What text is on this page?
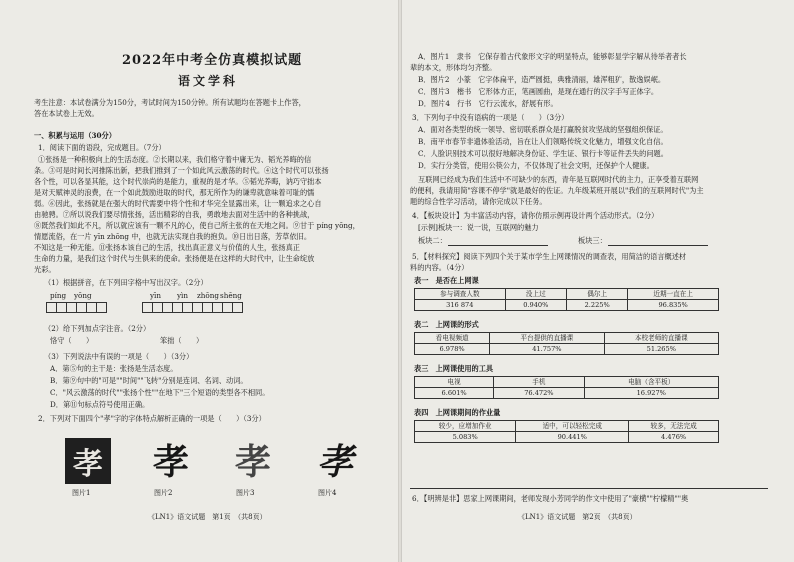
2022年中考全仿真模拟试题
语文学科
考生注意：本试卷满分为150分，考试时间为150分钟。所有试题均在答题卡上作答，
答在本试卷上无效。
一、积累与运用（30分）
1．阅读下面的语段，完成题目。（7分）
①张扬是一种积极向上的生活态度。②长期以来，我们格守着中庸无为、韬光养晦的信
条。③可是时间长河推陈出新，把我们推到了一个如此风云激荡的时代。④这个时代可以张扬
各个性，可以各显其能，这个时代崇尚的是能力，重视的是才华。⑤韬光养晦，讷巧守拙本
是对天赋神灵的浪费，在一个如此鼓励进取的时代，那无所作为的谦卑就意味着可耻的懦
弱。⑥因此，张扬就是在强大的时代需要中将个性和才华完全显露出来，让一颗追求之心自
由驰骋。⑦所以说我们要尽情张扬，活出精彩的自我，勇敢地去面对生活中的各种挑战，
⑧既然我们如此不凡，所以就应该有一颗不凡的心，使自己所主张的在天地之间。⑨甘于 píng yōng，
情愿流俗，在一片 yīn zhōng 中，也就无法实现自我的抱负。⑩日出日落，芳草依旧。
不知这是一种无能。⑪张扬本该自己的生活，找出真正意义与价值的人生，张扬真正
生命的力量，是我们这个时代与生俱来的使命。张扬便是在这样的大时代中，让生命绽放
光彩。
（1）根据拼音，在下列田字格中写出汉字。（2分）
píng yōng	yīn yìn zhōng shēng
（2）给下列加点字注音。（2分）
恪守（　　）	笨拙（　　）
（3）下列说法中有误的一项是（　　）（3分）
A．第⑤句的主干是：张扬是生活态度。
B．第⑨句中的"可是""时间""飞转"分别是连词、名词、动词。
C．"风云激荡的时代""张扬个性""在地下"三个短语的类型各不相同。
D．第⑪句标点符号使用正确。
2．下列对下面四个"孝"字的字体特点解析正确的一项是（　　）（3分）
孝 孝 孝 孝
图片1	图片2	图片3	图片4
《LN1》语文试题　第1页　（共8页）
A．图片1　隶书　它保存着古代象形文字的明显特点，能够彰显学字解从待举者者长
辈的本文，形体均匀齐整。
B．图片2　小篆　它字体扁平，造严圆挺，典雅清丽，雄浑粗犷，散逸娱岷。
C．图片3　楷书　它形体方正，笔画圆曲，是现在通行的汉字手写正体字。
D．图片4　行书　它行云流水，舒展有形。
3．下列句子中没有语病的一项是（　　）（3分）
A．面对各类型的统一领导、密切联系群众是打赢脱贫攻坚战的坚强组织保证。
B．南平市春节非遗体验活动，旨在让人们领略传统文化魅力，增强文化自信。
C．人脸识别技术可以很好地解决身份证、学生证、银行卡等证件丢失的问题。
D．实行分类管，使用公筷公力，不仅体现了社会文明，还保护个人健康。
互联网已经成为我们生活中不可缺少的东西，青年是互联网时代的主力，正享受着互联网
的便利，我请用简"容课不停学"就是最好的佐证。九年级某班开展以"我们的互联网时代"为主
题的综合性学习活动，请你完成以下任务。
4．【板块设计】为丰富活动内容，请你仿照示例再设计两个活动形式。（2分）
[示例]板块一：说一说，互联网的魅力
板块二：	板块三：
5．【材料探究】阅读下列四个关于某市学生上网课情况的调查表，用简洁的语言概述材
料的内容。（4分）
表一　是否在上网课
参与调查人数	没上过	偶尔上	近期一直在上
316 874	0.940%	2.225%	96.835%
表二　上网课的形式
看电视频道	平台提供的直播课	本校老师的直播课
6.978%	41.757%	51.265%
表三　上网课使用的工具
电视	手机	电脑（含平板）
6.601%	76.472%	16.927%
表四　上网课期间的作业量
较少，应增加作业	适中，可以轻松完成	较多，无法完成
5.083%	90.441%	4.476%
6．【明辨是非】思家上网课期间，老师发现小芳同学的作文中使用了"豪横""柠檬精""奥
《LN1》语文试题　第2页　（共8页）
